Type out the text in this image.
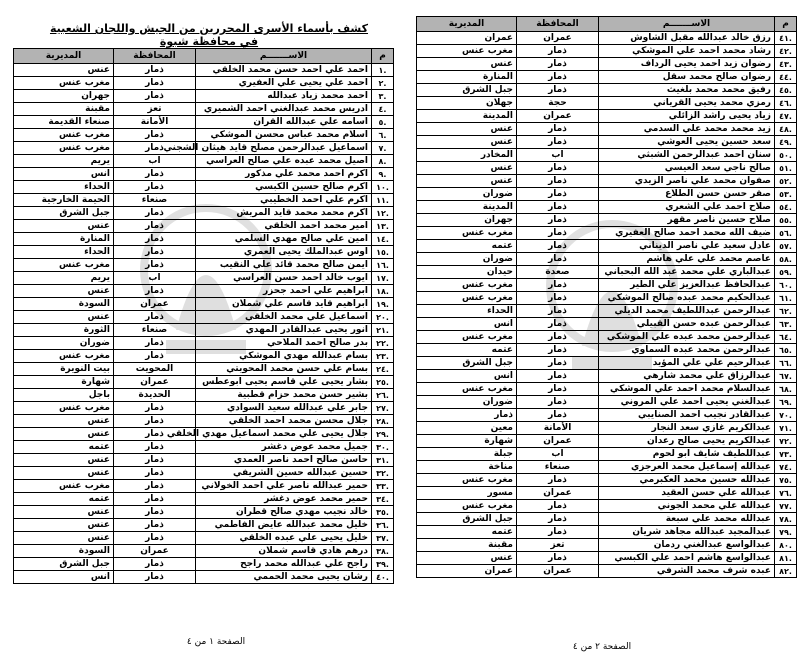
كشف بأسماء الأسرى المحررين من الجيش واللجان الشعبية في محافظة شبوة
م	الاســـــــم	المحافظة	المديرية
.١	احمد علي احمد حسن محمد الخلقي	ذمار	عنس
.٢	احمد علي يحيى علي العفيري	ذمار	مغرب عنس
.٣	احمد محمد زياد عبدالله	ذمار	جهران
.٤	ادريس محمد عبدالغني احمد الشميري	تعز	مقبنة
.٥	اسامه علي عبدالله القران	الأمانة	صنعاء القديمة
.٦	اسلام محمد عباس محسن الموشكي	ذمار	مغرب عنس
.٧	اسماعيل عبدالرحمن مصلح قايد هيثان الشجني	ذمار	مغرب عنس
.٨	اصيل محمد عبده علي صالح العراسي	اب	يريم
.٩	اكرم احمد محمد علي مذكور	ذمار	انس
.١٠	اكرم صالح حسين الكبسي	ذمار	الحداء
.١١	اكرم علي احمد الخطيبي	صنعاء	الحيمة الخارجية
.١٢	اكرم محمد محمد قايد المريش	ذمار	جبل الشرق
.١٣	امير محمد احمد الخلقي	ذمار	عنس
.١٤	امين علي صالح مهدي السلمي	ذمار	المنارة
.١٥	اوس عبدالملك يحيى العمري	ذمار	الحداء
.١٦	ايمن صالح محمد قائد علي النقيب	ذمار	مغرب عنس
.١٧	ايوب خالد احمد حسن العراسي	اب	يريم
.١٨	ابراهيم علي احمد جحزر	ذمار	عنس
.١٩	ابراهيم قايد قاسم علي شملان	عمران	السودة
.٢٠	اسماعيل علي محمد الخلقي	ذمار	عنس
.٢١	انور يحيى عبدالقادر المهدي	صنعاء	الثورة
.٢٢	بدر صالح احمد الملاحي	ذمار	ضوران
.٢٣	بسام عبدالله مهدي الموشكي	ذمار	مغرب عنس
.٢٤	بسام علي حسن محمد المحويتي	المحويت	بيت النويرة
.٢٥	بشار يحيى علي قاسم يحيى ابوعطس	عمران	شهارة
.٢٦	بشير حسن محمد حزام قطبية	الحديدة	باجل
.٢٧	جابر علي عبدالله سعيد السوادي	ذمار	مغرب عنس
.٢٨	جلال محسن محمد احمد الخلقي	ذمار	عنس
.٢٩	جلال يحيى علي محمد اسماعيل مهدي الخلقي	ذمار	عنس
.٣٠	جميل محمد عوض دغشر	ذمار	عتمه
.٣١	حاسن صالح احمد ناصر العمدي	ذمار	عنس
.٣٢	حسين عبدالله حسين الشريفي	ذمار	عنس
.٣٣	حمير عبدالله ناصر علي احمد الخولاني	ذمار	مغرب عنس
.٣٤	حمير محمد عوض دغشر	ذمار	عتمه
.٣٥	خالد نجيب مهدي صالح قطران	ذمار	عنس
.٣٦	خليل محمد عبدالله عايض الفاطمي	ذمار	عنس
.٣٧	خليل يحيى علي عبده الخلقي	ذمار	عنس
.٣٨	درهم هادي قاسم شملان	عمران	السودة
.٣٩	راجح علي عبدالله محمد راجح	ذمار	جبل الشرق
.٤٠	رشان يحيى محمد الحممي	ذمار	انس
الصفحة ١ من ٤
م	الاســـــــم	المحافظة	المديرية
.٤١	رزق خالد عبدالله مقبل الشاوش	عمران	عمران
.٤٢	رشاد محمد احمد علي الموشكي	ذمار	مغرب عنس
.٤٣	رضوان زيد احمد يحيى الرداف	ذمار	عنس
.٤٤	رضوان صالح محمد سقل	ذمار	المنارة
.٤٥	رفيق محمد محمد بلغيث	ذمار	جبل الشرق
.٤٦	رمزي محمد يحيى القرياني	حجة	جهلان
.٤٧	زياد يحيى راشد الزائلي	عمران	المدينة
.٤٨	زيد محمد محمد علي السدمي	ذمار	عنس
.٤٩	سعد حسين يحيى العوشي	ذمار	عنس
.٥٠	سنان احمد عبدالرحمن الشبثي	اب	المخادر
.٥١	صالح ناجي سعد العيسي	ذمار	عنس
.٥٢	صفوان محمد علي ناصر الزيدي	ذمار	عنس
.٥٣	صقر حسن حسن الطلاع	ذمار	ضوران
.٥٤	صلاح احمد علي الشعري	ذمار	المدينة
.٥٥	صلاح حسين ناصر مقهر	ذمار	جهران
.٥٦	ضيف الله محمد احمد صالح العفيري	ذمار	مغرب عنس
.٥٧	عادل سعيد علي ناصر الديناني	ذمار	عتمه
.٥٨	عاصم محمد علي علي هاشم	ذمار	ضوران
.٥٩	عبدالباري علي محمد عبد الله البحباني	صعدة	حيدان
.٦٠	عبدالحافظ عبدالعزيز علي الطير	ذمار	مغرب عنس
.٦١	عبدالحكيم محمد عبده صالح الموشكي	ذمار	مغرب عنس
.٦٢	عبدالرحمن عبداللطيف محمد الديلي	ذمار	الحداء
.٦٣	عبدالرحمن عبده حسن القبيلي	ذمار	انس
.٦٤	عبدالرحمن محمد عبده علي الموشكي	ذمار	مغرب عنس
.٦٥	عبدالرحمن محمد عبده السماوي	ذمار	عتمه
.٦٦	عبدالرحيم علي علي المؤيد	ذمار	جبل الشرق
.٦٧	عبدالرزاق علي محمد شارهي	ذمار	انس
.٦٨	عبدالسلام محمد احمد علي الموشكي	ذمار	مغرب عنس
.٦٩	عبدالغني يحيى احمد علي المروني	ذمار	ضوران
.٧٠	عبدالقادر نجيب احمد الصنايبي	ذمار	ذمار
.٧١	عبدالكريم غازي سعد النجار	الأمانة	معين
.٧٢	عبدالكريم يحيى صالح رعدان	عمران	شهارة
.٧٣	عبداللطيف شايف ابو لحوم	اب	جبلة
.٧٤	عبدالله إسماعيل محمد العرجزي	صنعاء	مناخة
.٧٥	عبدالله حسين محمد العكبرمي	ذمار	مغرب عنس
.٧٦	عبدالله علي حسن العقيد	عمران	مسور
.٧٧	عبدالله علي محمد الجوني	ذمار	مغرب عنس
.٧٨	عبدالله محمد علي سبعة	ذمار	جبل الشرق
.٧٩	عبدالمجيد عبدالله مجاهد شريان	ذمار	عتمه
.٨٠	عبدالواسع عبدالغني ردمان	تعز	مقبنة
.٨١	عبدالواسع هاشم احمد علي الكبسي	ذمار	عنس
.٨٢	عبده شرف محمد الشرفي	عمران	عمران
الصفحة ٢ من ٤
